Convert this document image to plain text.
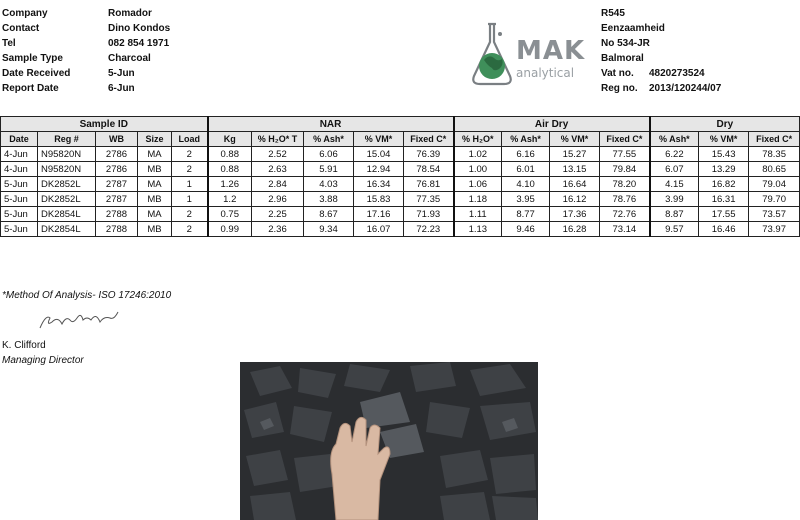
Company	Romador
Contact	Dino Kondos
Tel	082 854 1971
Sample Type	Charcoal
Date Received	5-Jun
Report Date	6-Jun
MAK
analytical
R545
Eenzaamheid
No 534-JR
Balmoral
Vat no.	4820273524
Reg no.	2013/120244/07
Sample ID					NAR					Air Dry				Dry		
Date	Reg #	WB	Size	Load	Kg	% H₂O* T	% Ash*	% VM*	Fixed C*	% H₂O*	% Ash*	% VM*	Fixed C*	% Ash*	% VM*	Fixed C*
4-Jun	N95820N	2786	MA	2	0.88	2.52	6.06	15.04	76.39	1.02	6.16	15.27	77.55	6.22	15.43	78.35
4-Jun	N95820N	2786	MB	2	0.88	2.63	5.91	12.94	78.54	1.00	6.01	13.15	79.84	6.07	13.29	80.65
5-Jun	DK2852L	2787	MA	1	1.26	2.84	4.03	16.34	76.81	1.06	4.10	16.64	78.20	4.15	16.82	79.04
5-Jun	DK2852L	2787	MB	1	1.2	2.96	3.88	15.83	77.35	1.18	3.95	16.12	78.76	3.99	16.31	79.70
5-Jun	DK2854L	2788	MA	2	0.75	2.25	8.67	17.16	71.93	1.11	8.77	17.36	72.76	8.87	17.55	73.57
5-Jun	DK2854L	2788	MB	2	0.99	2.36	9.34	16.07	72.23	1.13	9.46	16.28	73.14	9.57	16.46	73.97
*Method Of Analysis- ISO 17246:2010
K. Clifford
Managing Director
